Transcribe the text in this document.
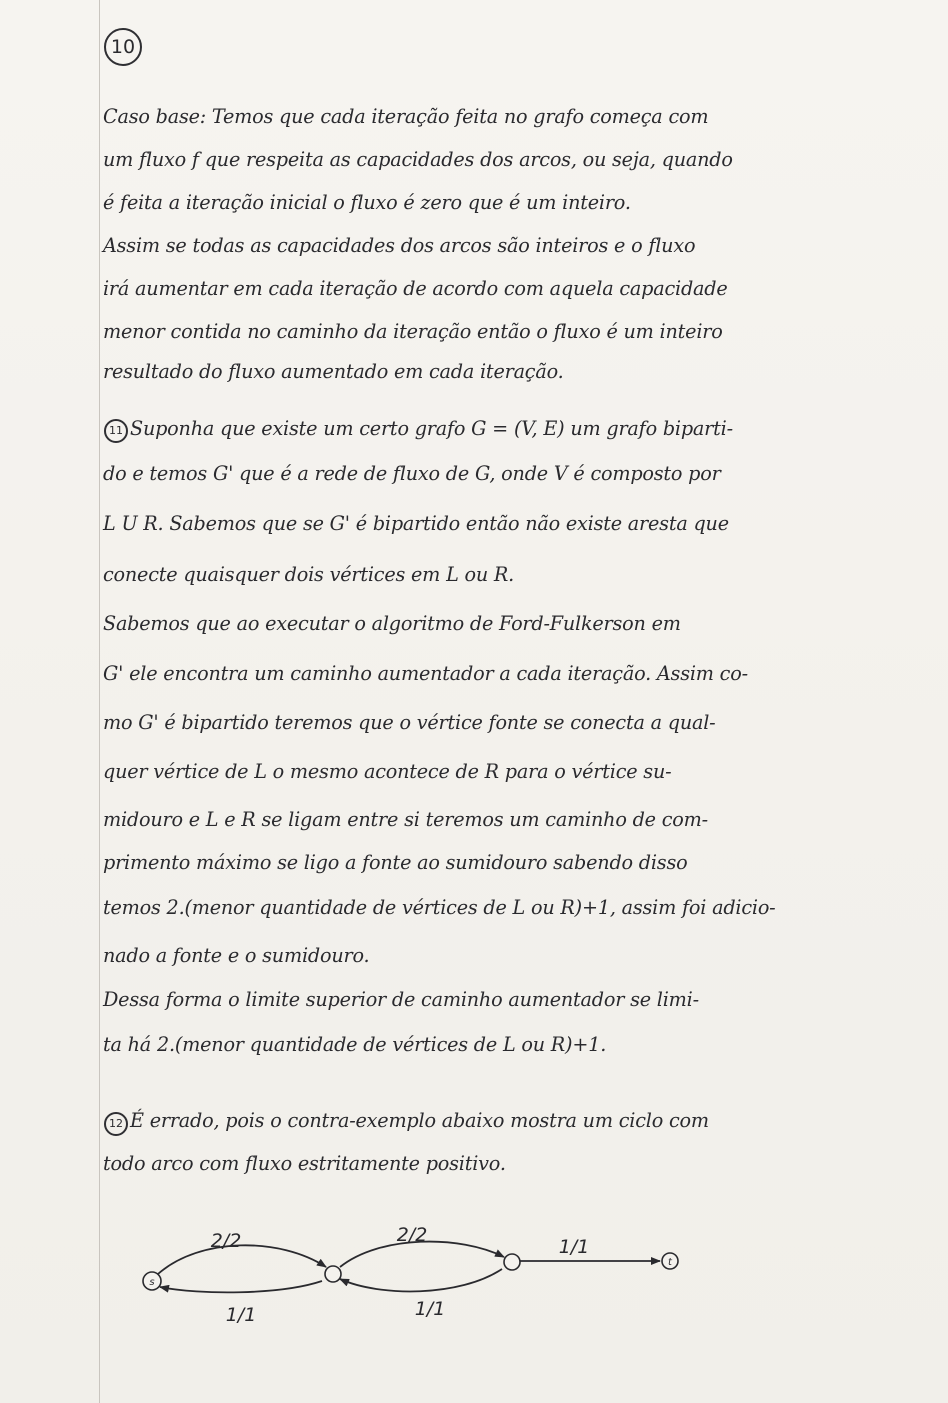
10
Caso base: Temos que cada iteração feita no grafo começa com
um fluxo f que respeita as capacidades dos arcos, ou seja, quando
é feita a iteração inicial o fluxo é zero que é um inteiro.
Assim se todas as capacidades dos arcos são inteiros e o fluxo
irá aumentar em cada iteração de acordo com aquela capacidade
menor contida no caminho da iteração então o fluxo é um inteiro
resultado do fluxo aumentado em cada iteração.
11 Suponha que existe um certo grafo G = (V, E) um grafo biparti-
do e temos G' que é a rede de fluxo de G, onde V é composto por
L U R. Sabemos que se G' é bipartido então não existe aresta que
conecte quaisquer dois vértices em L ou R.
Sabemos que ao executar o algoritmo de Ford-Fulkerson em
G' ele encontra um caminho aumentador a cada iteração. Assim co-
mo G' é bipartido teremos que o vértice fonte se conecta a qual-
quer vértice de L o mesmo acontece de R para o vértice su-
midouro e L e R se ligam entre si teremos um caminho de com-
primento máximo se ligo a fonte ao sumidouro sabendo disso
temos 2.(menor quantidade de vértices de L ou R)+1, assim foi adicio-
nado a fonte e o sumidouro.
Dessa forma o limite superior de caminho aumentador se limi-
ta há 2.(menor quantidade de vértices de L ou R)+1.
12 É errado, pois o contra-exemplo abaixo mostra um ciclo com
todo arco com fluxo estritamente positivo.
s
t
2/2
1/1
2/2
1/1
1/1
